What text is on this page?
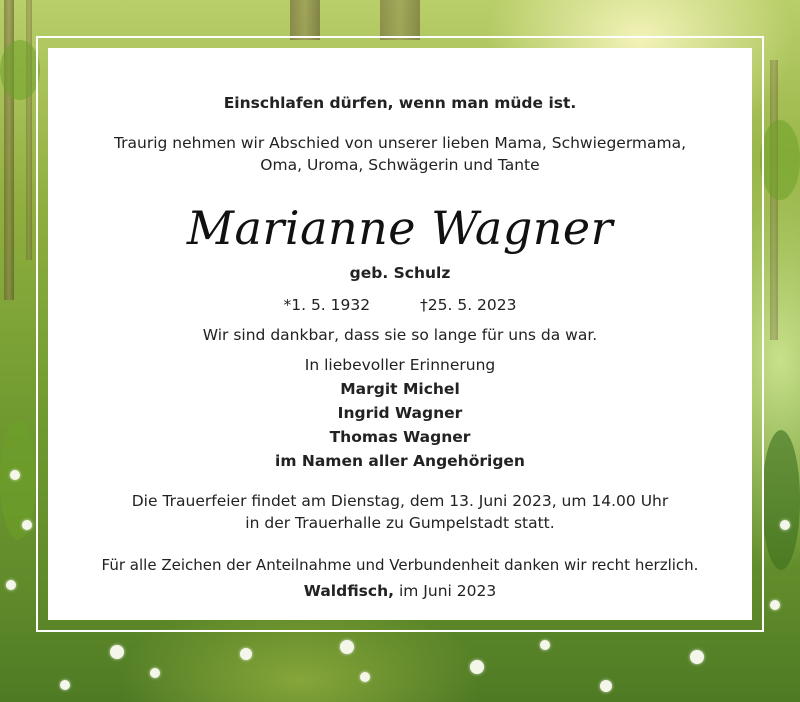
Einschlafen dürfen, wenn man müde ist.
Traurig nehmen wir Abschied von unserer lieben Mama, Schwiegermama,
Oma, Uroma, Schwägerin und Tante
Marianne Wagner
geb. Schulz
*1. 5. 1932	†25. 5. 2023
Wir sind dankbar, dass sie so lange für uns da war.
In liebevoller Erinnerung
Margit Michel
Ingrid Wagner
Thomas Wagner
im Namen aller Angehörigen
Die Trauerfeier findet am Dienstag, dem 13. Juni 2023, um 14.00 Uhr
in der Trauerhalle zu Gumpelstadt statt.
Für alle Zeichen der Anteilnahme und Verbundenheit danken wir recht herzlich.
Waldfisch, im Juni 2023
